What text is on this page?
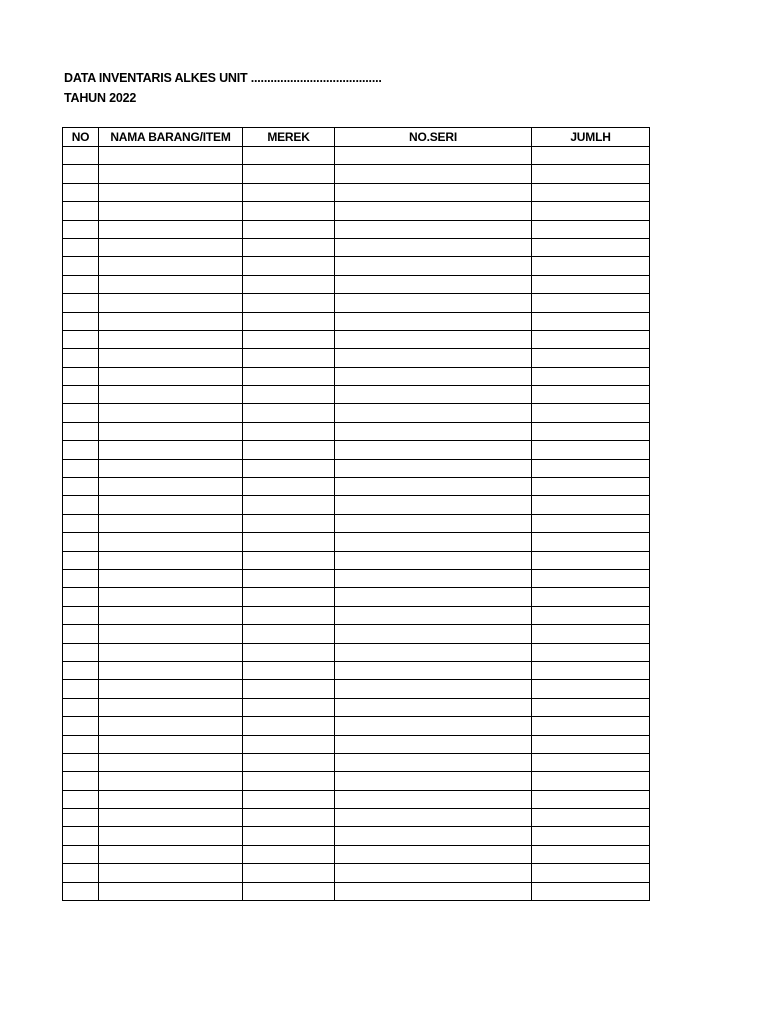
DATA INVENTARIS ALKES UNIT ........................................
TAHUN 2022
NO	NAMA BARANG/ITEM	MEREK	NO.SERI	JUMLH
